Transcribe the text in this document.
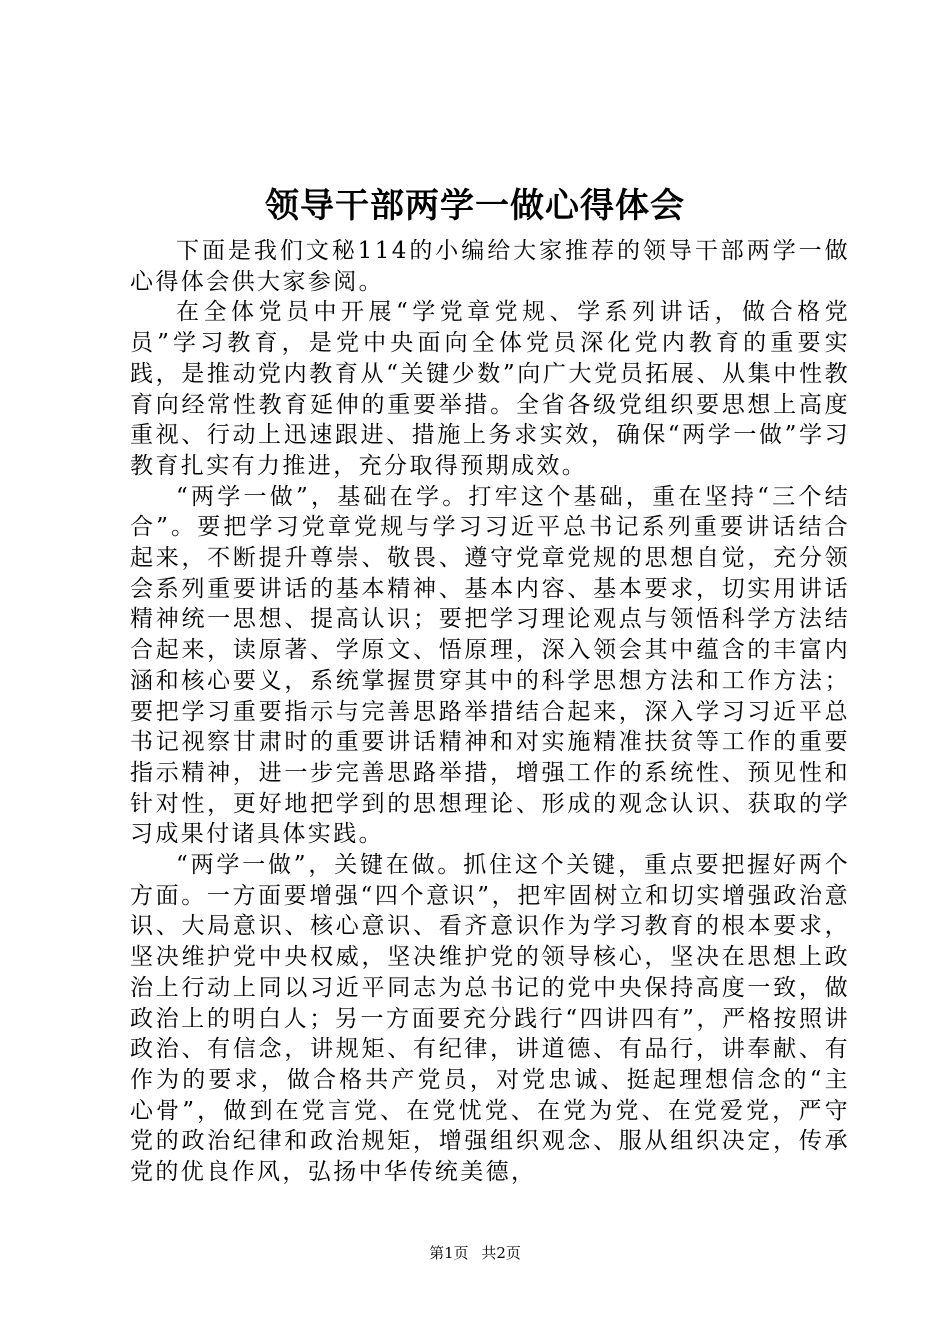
领导干部两学一做心得体会

下面是我们文秘114的小编给大家推荐的领导干部两学一做心得体会供大家参阅。

在全体党员中开展“学党章党规、学系列讲话，做合格党员”学习教育，是党中央面向全体党员深化党内教育的重要实践，是推动党内教育从“关键少数”向广大党员拓展、从集中性教育向经常性教育延伸的重要举措。全省各级党组织要思想上高度重视、行动上迅速跟进、措施上务求实效，确保“两学一做”学习教育扎实有力推进，充分取得预期成效。

“两学一做”，基础在学。打牢这个基础，重在坚持“三个结合”。要把学习党章党规与学习习近平总书记系列重要讲话结合起来，不断提升尊崇、敬畏、遵守党章党规的思想自觉，充分领会系列重要讲话的基本精神、基本内容、基本要求，切实用讲话精神统一思想、提高认识；要把学习理论观点与领悟科学方法结合起来，读原著、学原文、悟原理，深入领会其中蕴含的丰富内涵和核心要义，系统掌握贯穿其中的科学思想方法和工作方法；要把学习重要指示与完善思路举措结合起来，深入学习习近平总书记视察甘肃时的重要讲话精神和对实施精准扶贫等工作的重要指示精神，进一步完善思路举措，增强工作的系统性、预见性和针对性，更好地把学到的思想理论、形成的观念认识、获取的学习成果付诸具体实践。

“两学一做”，关键在做。抓住这个关键，重点要把握好两个方面。一方面要增强“四个意识”，把牢固树立和切实增强政治意识、大局意识、核心意识、看齐意识作为学习教育的根本要求，坚决维护党中央权威，坚决维护党的领导核心，坚决在思想上政治上行动上同以习近平同志为总书记的党中央保持高度一致，做政治上的明白人；另一方面要充分践行“四讲四有”，严格按照讲政治、有信念，讲规矩、有纪律，讲道德、有品行，讲奉献、有作为的要求，做合格共产党员，对党忠诚、挺起理想信念的“主心骨”，做到在党言党、在党忧党、在党为党、在党爱党，严守党的政治纪律和政治规矩，增强组织观念、服从组织决定，传承党的优良作风，弘扬中华传统美德，

第1页 共2页
